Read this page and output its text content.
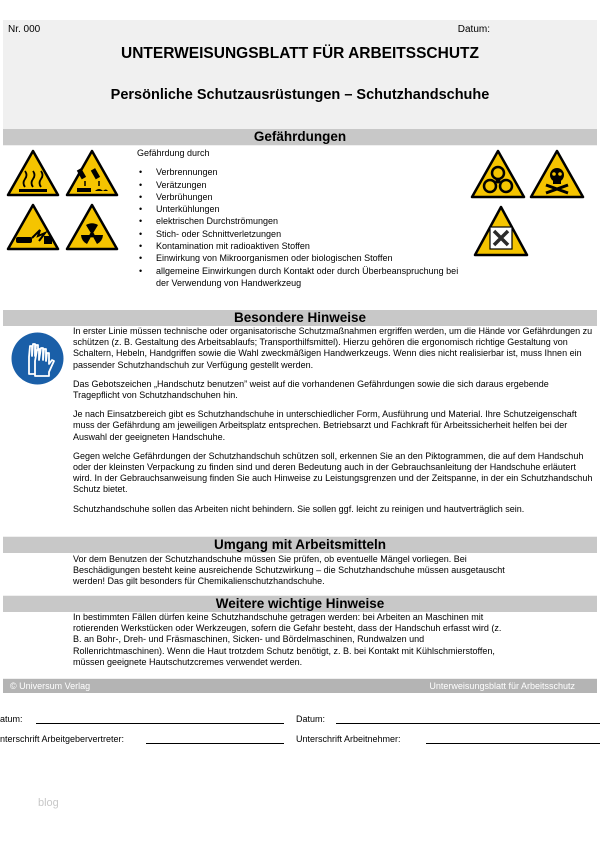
Nr. 000	Datum:
UNTERWEISUNGSBLATT FÜR ARBEITSSCHUTZ
Persönliche Schutzausrüstungen – Schutzhandschuhe
Gefährdungen
Gefährdung durch
• Verbrennungen
• Verätzungen
• Verbrühungen
• Unterkühlungen
• elektrischen Durchströmungen
• Stich- oder Schnittverletzungen
• Kontamination mit radioaktiven Stoffen
• Einwirkung von Mikroorganismen oder biologischen Stoffen
• allgemeine Einwirkungen durch Kontakt oder durch Überbeanspruchung bei der Verwendung von Handwerkzeug
Besondere Hinweise

In erster Linie müssen technische oder organisatorische Schutzmaßnahmen ergriffen werden, um die Hände vor Gefährdungen zu schützen (z. B. Gestaltung des Arbeitsablaufs; Transporthilfsmittel). Hierzu gehören die ergonomisch richtige Gestaltung von Schaltern, Hebeln, Handgriffen sowie die Wahl zweckmäßigen Handwerkzeugs. Wenn dies nicht realisierbar ist, muss Ihnen ein passender Schutzhandschuh zur Verfügung gestellt werden.

Das Gebotszeichen „Handschutz benutzen” weist auf die vorhandenen Gefährdungen sowie die sich daraus ergebende Tragepflicht von Schutzhandschuhen hin.

Je nach Einsatzbereich gibt es Schutzhandschuhe in unterschiedlicher Form, Ausführung und Material. Ihre Schutzeigenschaft muss der Gefährdung am jeweiligen Arbeitsplatz entsprechen. Betriebsarzt und Fachkraft für Arbeitssicherheit helfen bei der Auswahl der geeigneten Handschuhe.

Gegen welche Gefährdungen der Schutzhandschuh schützen soll, erkennen Sie an den Piktogrammen, die auf dem Handschuh oder der kleinsten Verpackung zu finden sind und deren Bedeutung auch in der Gebrauchsanleitung der Handschuhe erläutert wird. In der Gebrauchsanweisung finden Sie auch Hinweise zu Leistungsgrenzen und der Zeitspanne, in der ein Schutzhandschuh Schutz bietet.

Schutzhandschuhe sollen das Arbeiten nicht behindern. Sie sollen ggf. leicht zu reinigen und hautverträglich sein.

Umgang mit Arbeitsmitteln
Vor dem Benutzen der Schutzhandschuhe müssen Sie prüfen, ob eventuelle Mängel vorliegen. Bei Beschädigungen besteht keine ausreichende Schutzwirkung – die Schutzhandschuhe müssen ausgetauscht werden! Das gilt besonders für Chemikalienschutzhandschuhe.
Weitere wichtige Hinweise
In bestimmten Fällen dürfen keine Schutzhandschuhe getragen werden: bei Arbeiten an Maschinen mit rotierenden Werkstücken oder Werkzeugen, sofern die Gefahr besteht, dass der Handschuh erfasst wird (z. B. an Bohr-, Dreh- und Fräsmaschinen, Sicken- und Bördelmaschinen, Rundwalzen und Rollenrichtmaschinen). Wenn die Haut trotzdem Schutz benötigt, z. B. bei Kontakt mit Kühlschmierstoffen, müssen geeignete Hautschutzcremes verwendet werden.
© Universum Verlag	Unterweisungsblatt für Arbeitsschutz
atum:	Datum:
nterschrift Arbeitgebervertreter:	Unterschrift Arbeitnehmer:
blog
